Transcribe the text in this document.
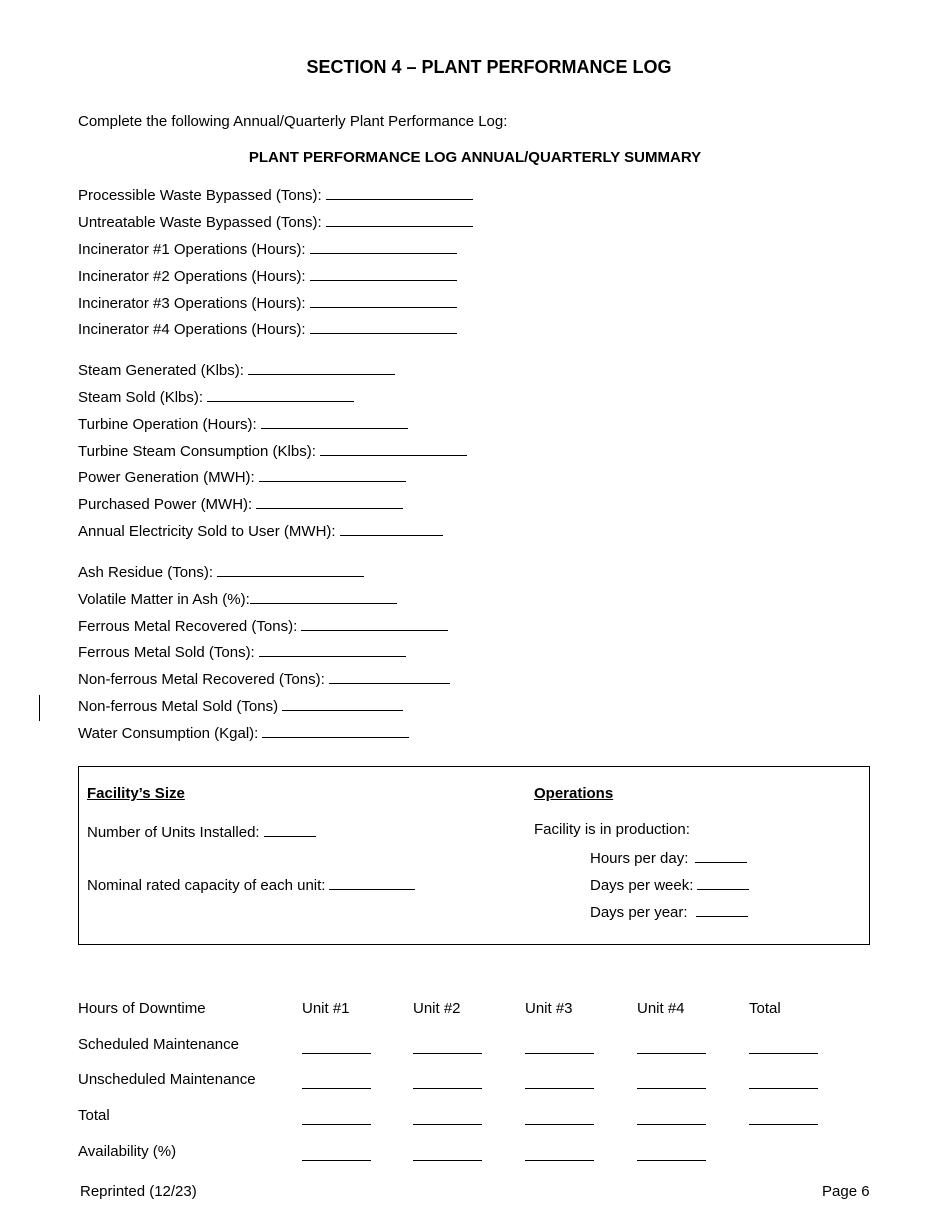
SECTION 4 – PLANT PERFORMANCE LOG
Complete the following Annual/Quarterly Plant Performance Log:
PLANT PERFORMANCE LOG ANNUAL/QUARTERLY SUMMARY
Processible Waste Bypassed (Tons):
Untreatable Waste Bypassed (Tons):
Incinerator #1 Operations (Hours):
Incinerator #2 Operations (Hours):
Incinerator #3 Operations (Hours):
Incinerator #4 Operations (Hours):
Steam Generated (Klbs):
Steam Sold (Klbs):
Turbine Operation (Hours):
Turbine Steam Consumption (Klbs):
Power Generation (MWH):
Purchased Power (MWH):
Annual Electricity Sold to User (MWH):
Ash Residue (Tons):
Volatile Matter in Ash (%):
Ferrous Metal Recovered (Tons):
Ferrous Metal Sold (Tons):
Non-ferrous Metal Recovered (Tons):
Non-ferrous Metal Sold (Tons)
Water Consumption (Kgal):
Facility’s Size
Number of Units Installed:
Nominal rated capacity of each unit:
Operations
Facility is in production:
Hours per day:
Days per week:
Days per year:
Hours of Downtime	Unit #1	Unit #2	Unit #3	Unit #4	Total
Scheduled Maintenance
Unscheduled Maintenance
Total
Availability (%)
Reprinted (12/23)	Page 6
